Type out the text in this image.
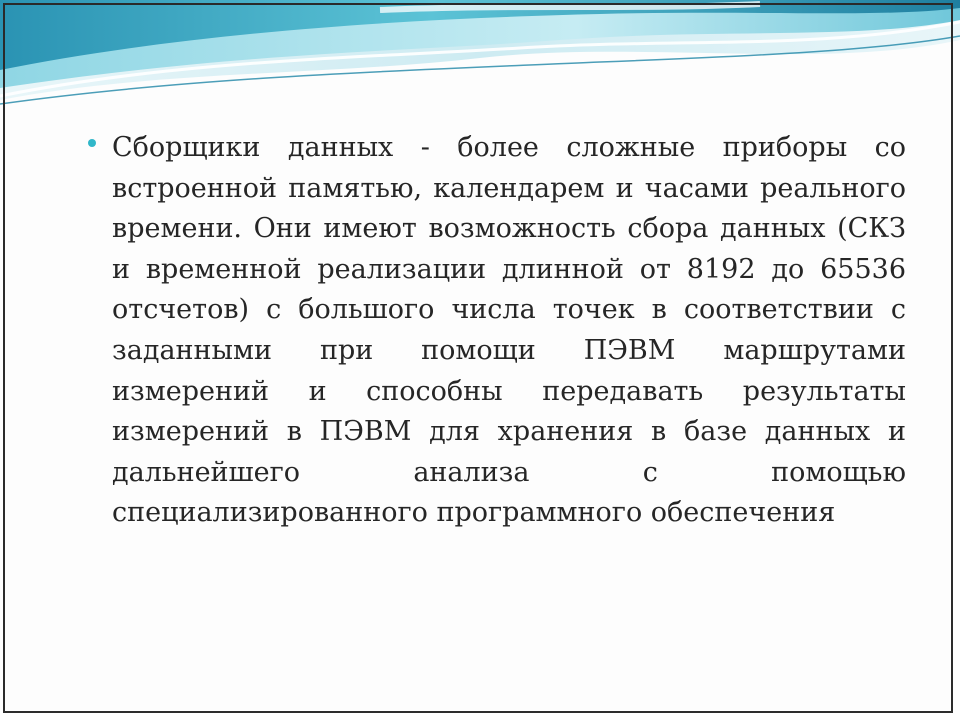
Сборщики данных - более сложные приборы со встроенной памятью, календарем и часами реального времени. Они имеют возможность сбора данных (СКЗ и временной реализации длинной от 8192 до 65536 отсчетов) с большого числа точек в соответствии с заданными при помощи ПЭВМ маршрутами измерений и способны передавать результаты измерений в ПЭВМ для хранения в базе данных и дальнейшего анализа с помощью специализированного программного обеспечения
